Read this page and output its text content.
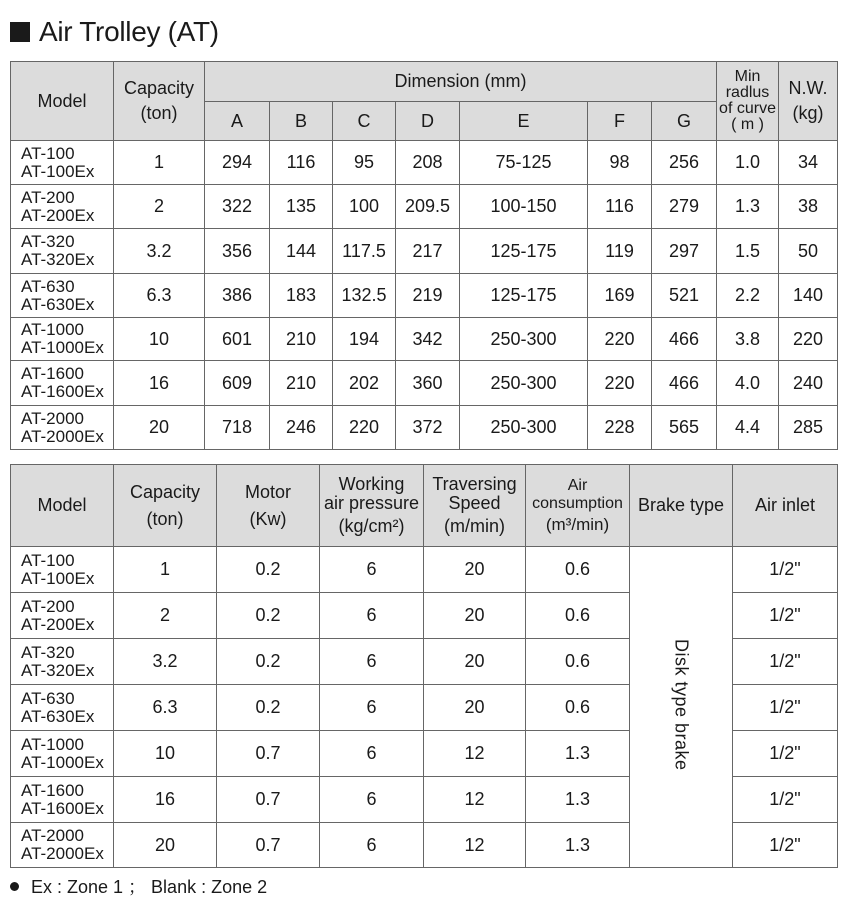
Air Trolley (AT)
Model	Capacity
(ton)	Dimension (mm)							Min
radlus
of curve
( m )	N.W.
(kg)

		A	B	C	D	E	F	G		

AT-100
AT-100Ex	1	294	116	95	208	75-125	98	256	1.0	34

AT-200
AT-200Ex	2	322	135	100	209.5	100-150	116	279	1.3	38

AT-320
AT-320Ex	3.2	356	144	117.5	217	125-175	119	297	1.5	50

AT-630
AT-630Ex	6.3	386	183	132.5	219	125-175	169	521	2.2	140

AT-1000
AT-1000Ex	10	601	210	194	342	250-300	220	466	3.8	220

AT-1600
AT-1600Ex	16	609	210	202	360	250-300	220	466	4.0	240

AT-2000
AT-2000Ex	20	718	246	220	372	250-300	228	565	4.4	285
Model	Capacity
(ton)	Motor
(Kw)	Working
air pressure
(kg/cm²)	Traversing
Speed
(m/min)	Air
consumption
(m³/min)	Brake type	Air inlet

AT-100
AT-100Ex	1	0.2	6	20	0.6	Disk type brake	1/2"

AT-200
AT-200Ex	2	0.2	6	20	0.6		1/2"

AT-320
AT-320Ex	3.2	0.2	6	20	0.6		1/2"

AT-630
AT-630Ex	6.3	0.2	6	20	0.6		1/2"

AT-1000
AT-1000Ex	10	0.7	6	12	1.3		1/2"

AT-1600
AT-1600Ex	16	0.7	6	12	1.3		1/2"

AT-2000
AT-2000Ex	20	0.7	6	12	1.3		1/2"
Ex : Zone 1 ； Blank : Zone 2
